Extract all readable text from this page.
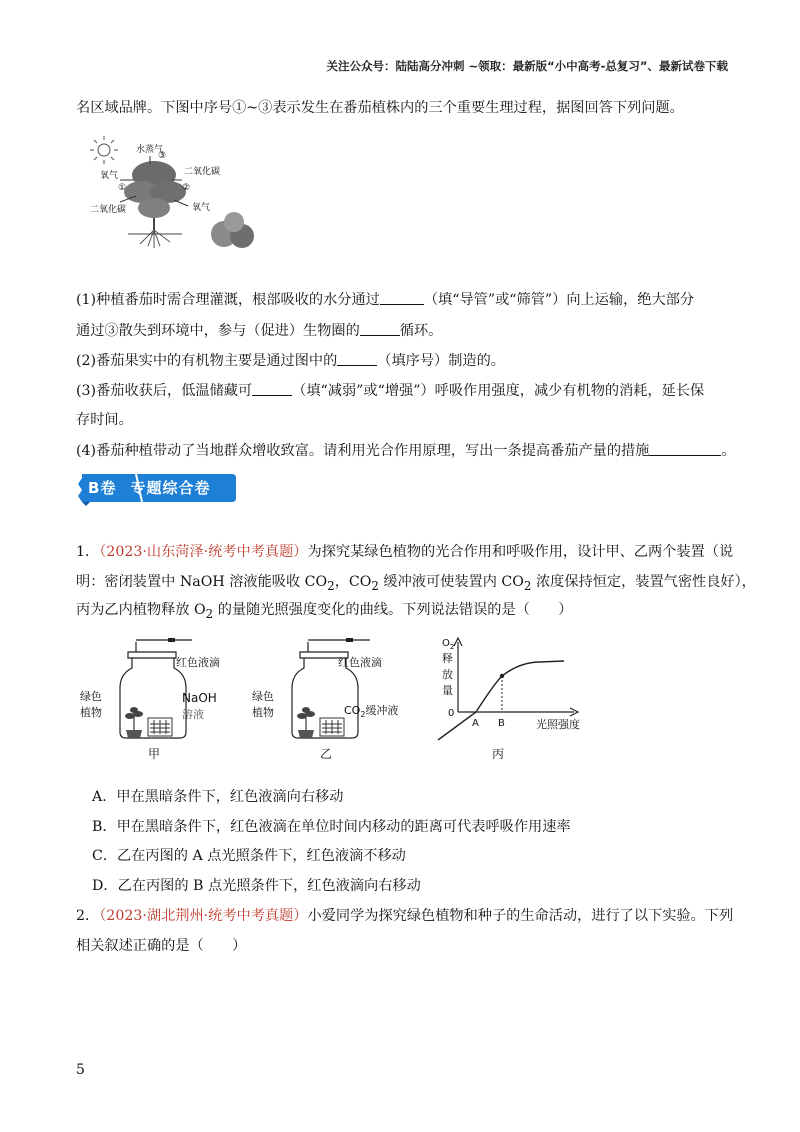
关注公众号：陆陆高分冲刺 ~领取：最新版“小中高考-总复习”、最新试卷下载
名区域品牌。下图中序号①~③表示发生在番茄植株内的三个重要生理过程，据图回答下列问题。
水蒸气
氧气
①
二氧化碳
二氧化碳
②
③
氧气
(1)种植番茄时需合理灌溉，根部吸收的水分通过	（填“导管”或“筛管”）向上运输，绝大部分
通过③散失到环境中，参与（促进）生物圈的	循环。
(2)番茄果实中的有机物主要是通过图中的	（填序号）制造的。
(3)番茄收获后，低温储藏可	（填“减弱”或“增强”）呼吸作用强度，减少有机物的消耗，延长保
存时间。
(4)番茄种植带动了当地群众增收致富。请利用光合作用原理，写出一条提高番茄产量的措施	。
B卷 专题综合卷
1．（2023·山东菏泽·统考中考真题）为探究某绿色植物的光合作用和呼吸作用，设计甲、乙两个装置（说
明：密闭装置中 NaOH 溶液能吸收 $CO_2$，$CO_2$ 缓冲液可使装置内 $CO_2$ 浓度保持恒定，装置气密性良好），
丙为乙内植物释放 $O_2$ 的量随光照强度变化的曲线。下列说法错误的是（　　）
红色液滴
绿色
植物
NaOH
溶液
甲
红色液滴
绿色
植物	$CO_2$缓冲液
乙
$O_2$
释
放
量
0
A B	光照强度
丙
A．甲在黑暗条件下，红色液滴向右移动
B．甲在黑暗条件下，红色液滴在单位时间内移动的距离可代表呼吸作用速率
C．乙在丙图的 A 点光照条件下，红色液滴不移动
D．乙在丙图的 B 点光照条件下，红色液滴向右移动
2．（2023·湖北荆州·统考中考真题）小爱同学为探究绿色植物和种子的生命活动，进行了以下实验。下列
相关叙述正确的是（　　）
5
